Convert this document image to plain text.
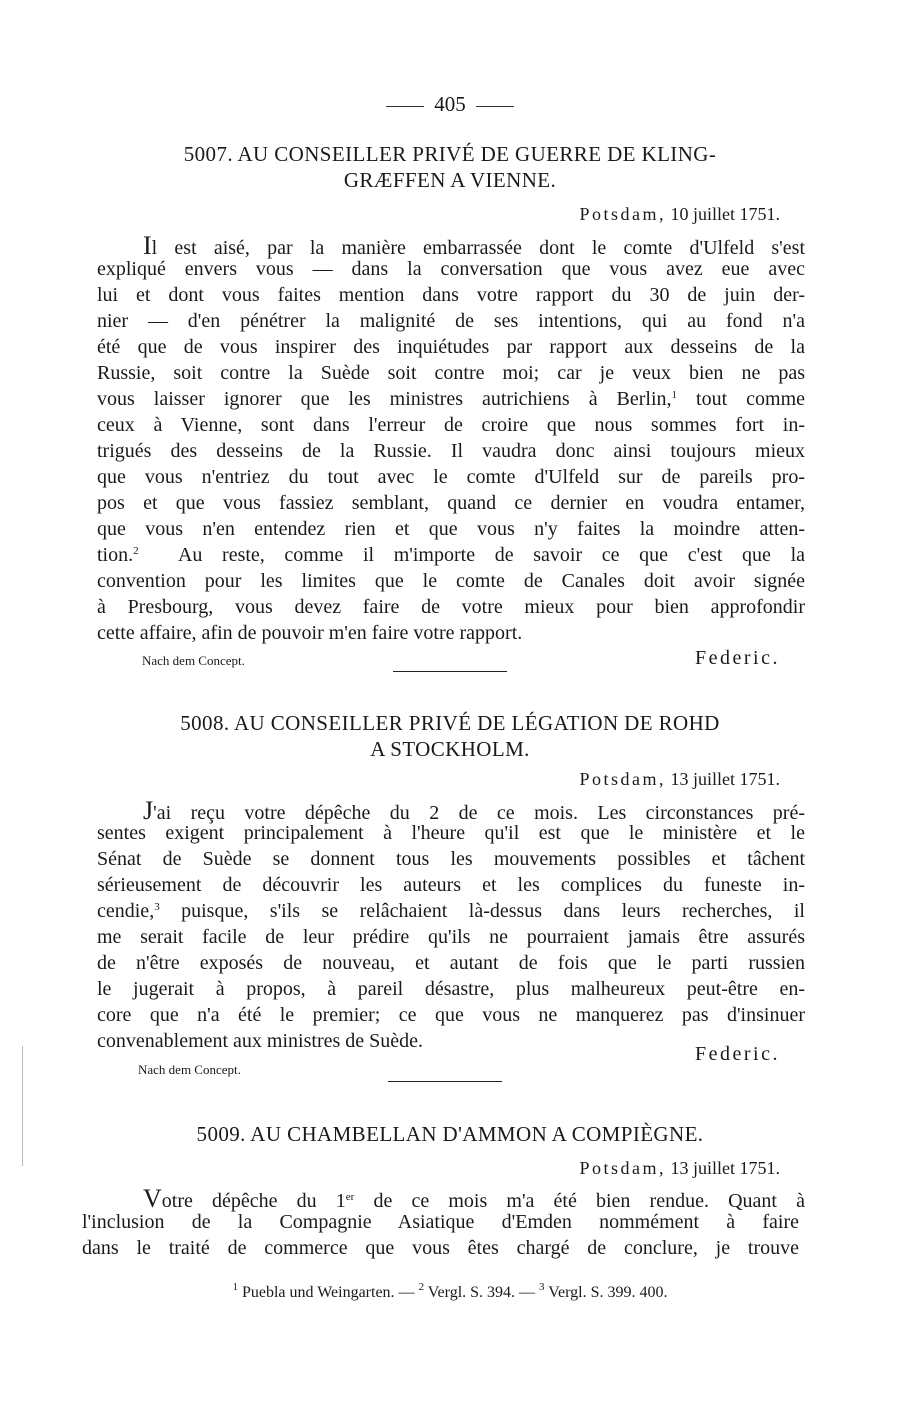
405
5007. AU CONSEILLER PRIVÉ DE GUERRE DE KLING-
GRÆFFEN A VIENNE.
Potsdam, 10 juillet 1751.
Il est aisé, par la manière embarrassée dont le comte d'Ulfeld s'est
expliqué envers vous — dans la conversation que vous avez eue avec
lui et dont vous faites mention dans votre rapport du 30 de juin der-
nier — d'en pénétrer la malignité de ses intentions, qui au fond n'a
été que de vous inspirer des inquiétudes par rapport aux desseins de la
Russie, soit contre la Suède soit contre moi; car je veux bien ne pas
vous laisser ignorer que les ministres autrichiens à Berlin,$^1$ tout comme
ceux à Vienne, sont dans l'erreur de croire que nous sommes fort in-
trigués des desseins de la Russie. Il vaudra donc ainsi toujours mieux
que vous n'entriez du tout avec le comte d'Ulfeld sur de pareils pro-
pos et que vous fassiez semblant, quand ce dernier en voudra entamer,
que vous n'en entendez rien et que vous n'y faites la moindre atten-
tion.$^2$ Au reste, comme il m'importe de savoir ce que c'est que la
convention pour les limites que le comte de Canales doit avoir signée
à Presbourg, vous devez faire de votre mieux pour bien approfondir
cette affaire, afin de pouvoir m'en faire votre rapport.
Nach dem Concept.	Federic.
5008. AU CONSEILLER PRIVÉ DE LÉGATION DE ROHD
A STOCKHOLM.
Potsdam, 13 juillet 1751.
J'ai reçu votre dépêche du 2 de ce mois. Les circonstances pré-
sentes exigent principalement à l'heure qu'il est que le ministère et le
Sénat de Suède se donnent tous les mouvements possibles et tâchent
sérieusement de découvrir les auteurs et les complices du funeste in-
cendie,$^3$ puisque, s'ils se relâchaient là-dessus dans leurs recherches, il
me serait facile de leur prédire qu'ils ne pourraient jamais être assurés
de n'être exposés de nouveau, et autant de fois que le parti russien
le jugerait à propos, à pareil désastre, plus malheureux peut-être en-
core que n'a été le premier; ce que vous ne manquerez pas d'insinuer
convenablement aux ministres de Suède.
Federic.
Nach dem Concept.
5009. AU CHAMBELLAN D'AMMON A COMPIÈGNE.
Potsdam, 13 juillet 1751.
Votre dépêche du 1er de ce mois m'a été bien rendue. Quant à
l'inclusion de la Compagnie Asiatique d'Emden nommément à faire
dans le traité de commerce que vous êtes chargé de conclure, je trouve
$^1$ Puebla und Weingarten. — $^2$ Vergl. S. 394. — $^3$ Vergl. S. 399. 400.
